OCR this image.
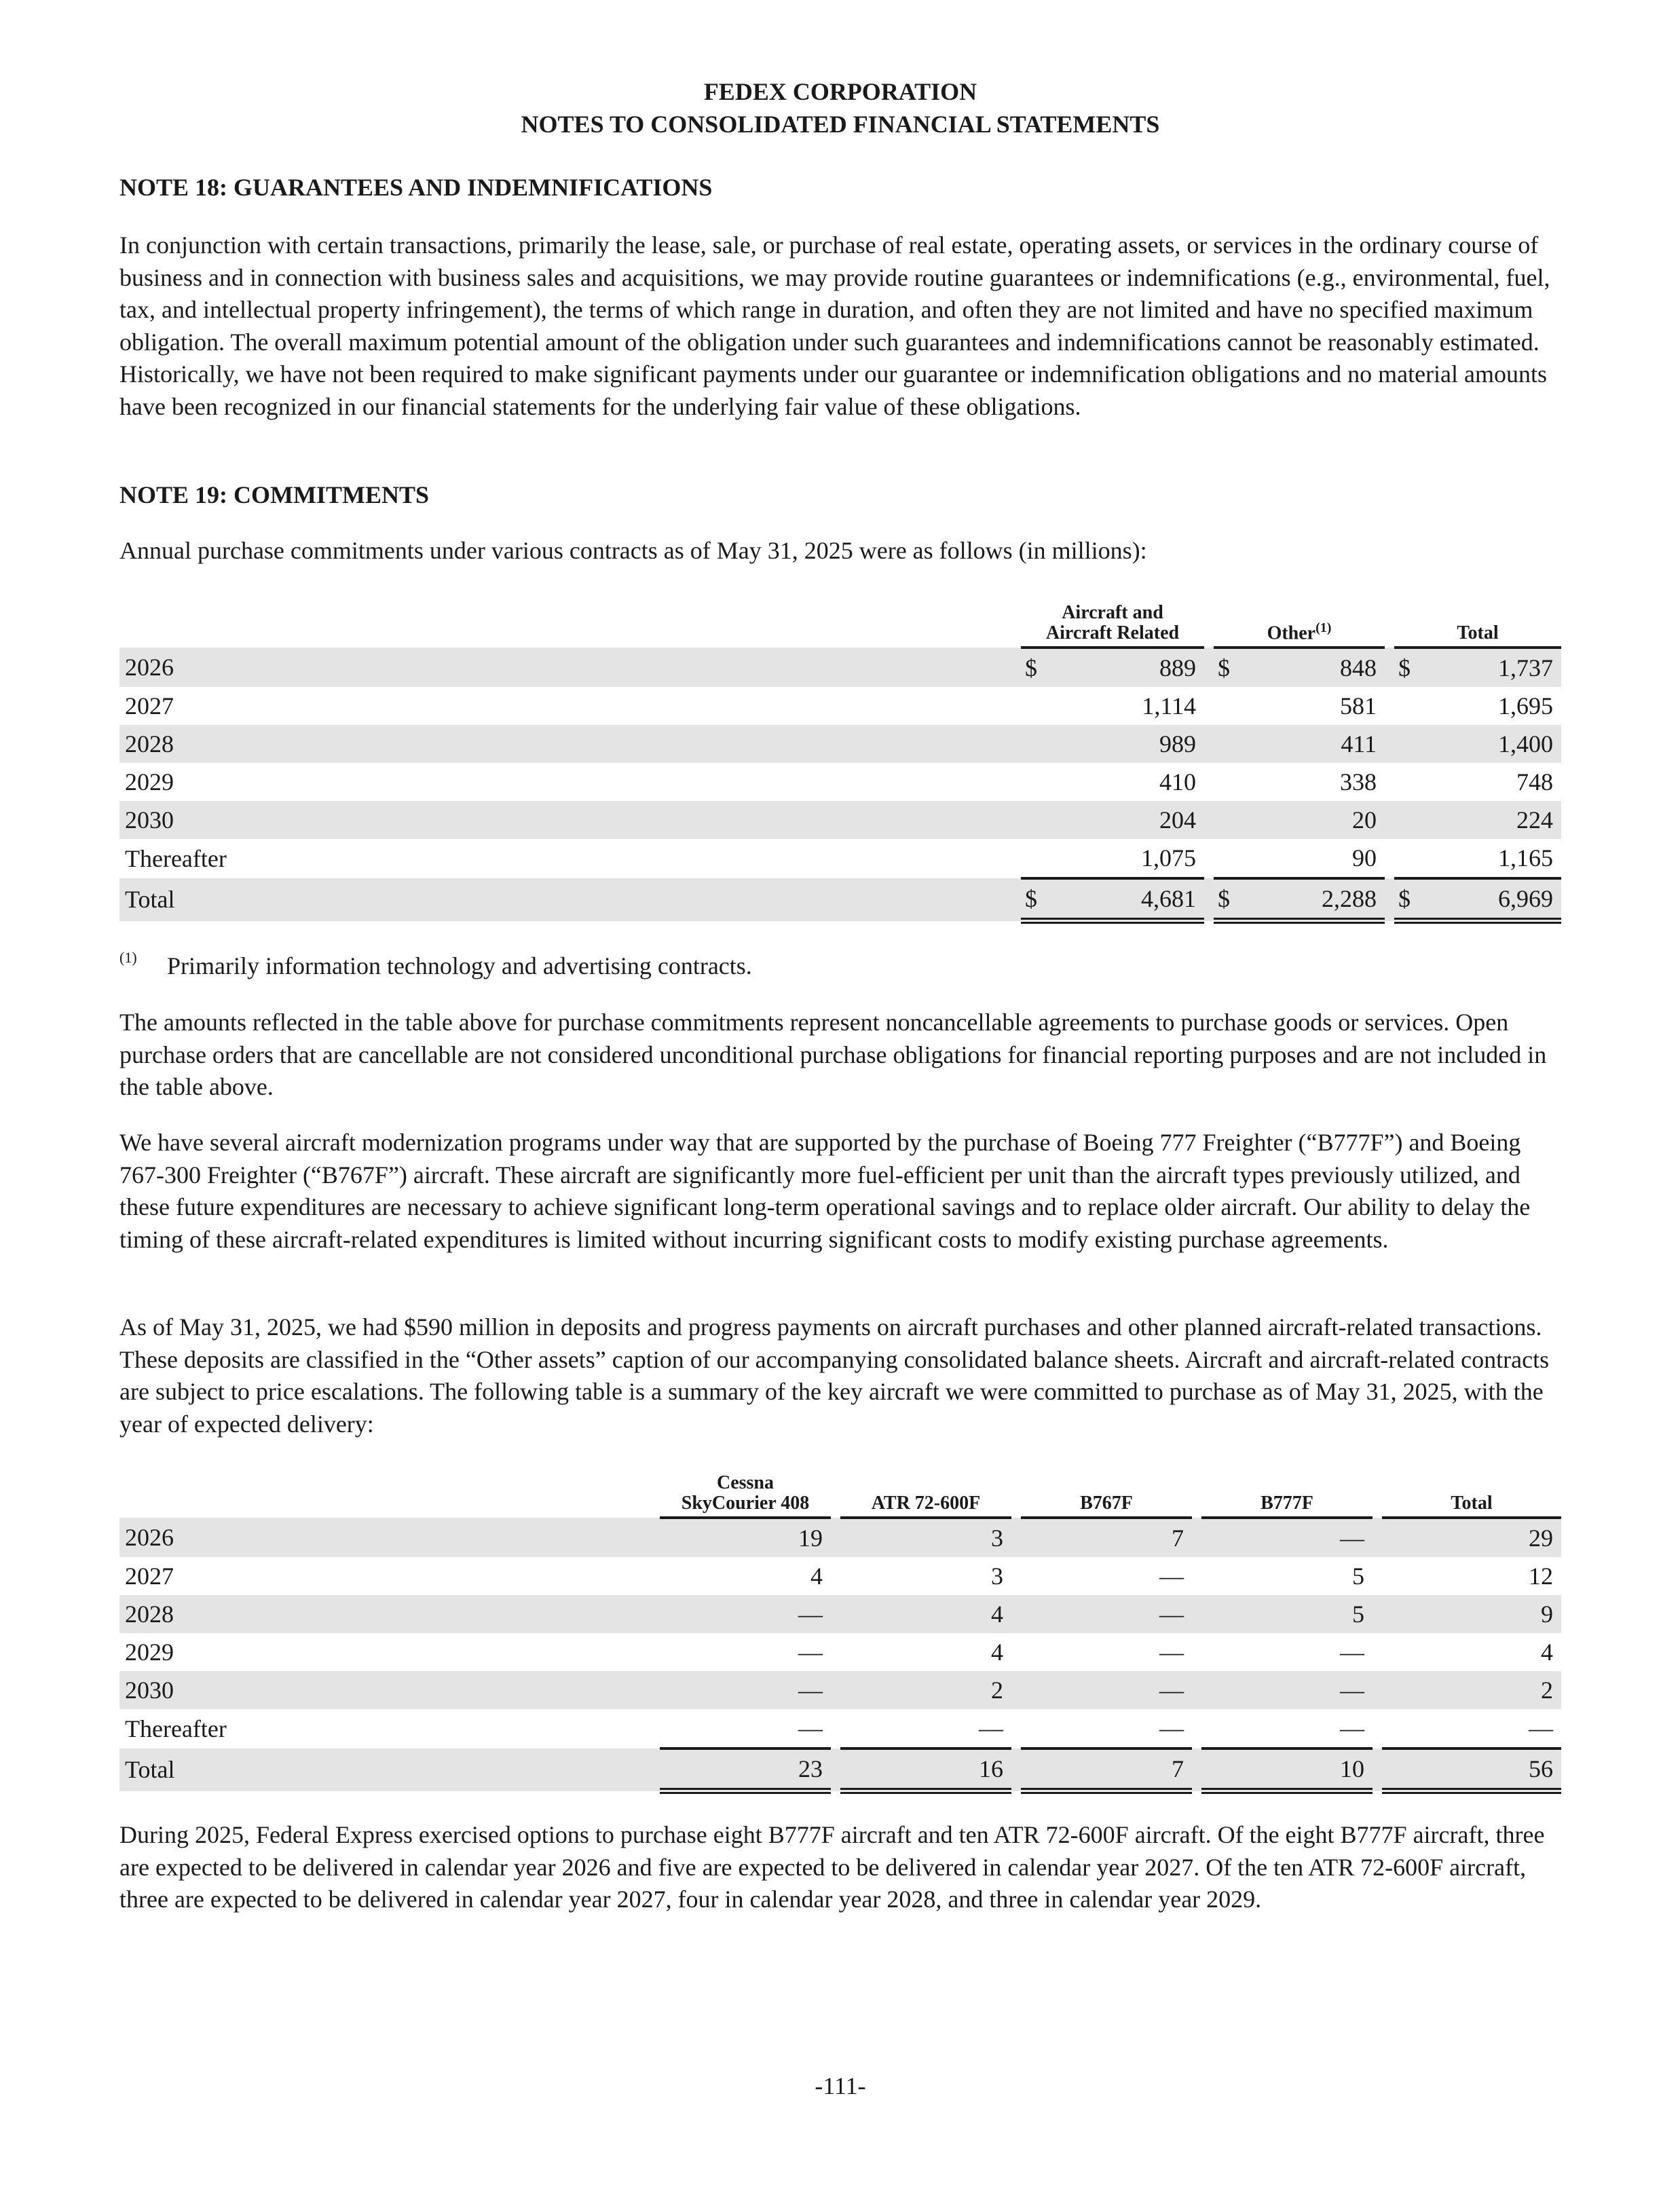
FEDEX CORPORATION
NOTES TO CONSOLIDATED FINANCIAL STATEMENTS
NOTE 18: GUARANTEES AND INDEMNIFICATIONS

In conjunction with certain transactions, primarily the lease, sale, or purchase of real estate, operating assets, or services in the ordinary course of business and in connection with business sales and acquisitions, we may provide routine guarantees or indemnifications (e.g., environmental, fuel, tax, and intellectual property infringement), the terms of which range in duration, and often they are not limited and have no specified maximum obligation. The overall maximum potential amount of the obligation under such guarantees and indemnifications cannot be reasonably estimated. Historically, we have not been required to make significant payments under our guarantee or indemnification obligations and no material amounts have been recognized in our financial statements for the underlying fair value of these obligations.

NOTE 19: COMMITMENTS

Annual purchase commitments under various contracts as of May 31, 2025 were as follows (in millions):

	Aircraft and
Aircraft Related			Other$^{(1)}$			Total	
2026	$	889		$	848		$	1,737
2027		1,114			581			1,695
2028		989			411			1,400
2029		410			338			748
2030		204			20			224
Thereafter		1,075			90			1,165
Total	$	4,681		$	2,288		$	6,969
(1) Primarily information technology and advertising contracts.

The amounts reflected in the table above for purchase commitments represent noncancellable agreements to purchase goods or services. Open purchase orders that are cancellable are not considered unconditional purchase obligations for financial reporting purposes and are not included in the table above.

We have several aircraft modernization programs under way that are supported by the purchase of Boeing 777 Freighter (“B777F”) and Boeing 767-300 Freighter (“B767F”) aircraft. These aircraft are significantly more fuel-efficient per unit than the aircraft types previously utilized, and these future expenditures are necessary to achieve significant long-term operational savings and to replace older aircraft. Our ability to delay the timing of these aircraft-related expenditures is limited without incurring significant costs to modify existing purchase agreements.

As of May 31, 2025, we had $590 million in deposits and progress payments on aircraft purchases and other planned aircraft-related transactions. These deposits are classified in the “Other assets” caption of our accompanying consolidated balance sheets. Aircraft and aircraft-related contracts are subject to price escalations. The following table is a summary of the key aircraft we were committed to purchase as of May 31, 2025, with the year of expected delivery:

	Cessna
SkyCourier 408		ATR 72-600F		B767F		B777F		Total
2026	19		3		7		—		29
2027	4		3		—		5		12
2028	—		4		—		5		9
2029	—		4		—		—		4
2030	—		2		—		—		2
Thereafter	—		—		—		—		—
Total	23		16		7		10		56

During 2025, Federal Express exercised options to purchase eight B777F aircraft and ten ATR 72-600F aircraft. Of the eight B777F aircraft, three are expected to be delivered in calendar year 2026 and five are expected to be delivered in calendar year 2027. Of the ten ATR 72-600F aircraft, three are expected to be delivered in calendar year 2027, four in calendar year 2028, and three in calendar year 2029.

-111-
